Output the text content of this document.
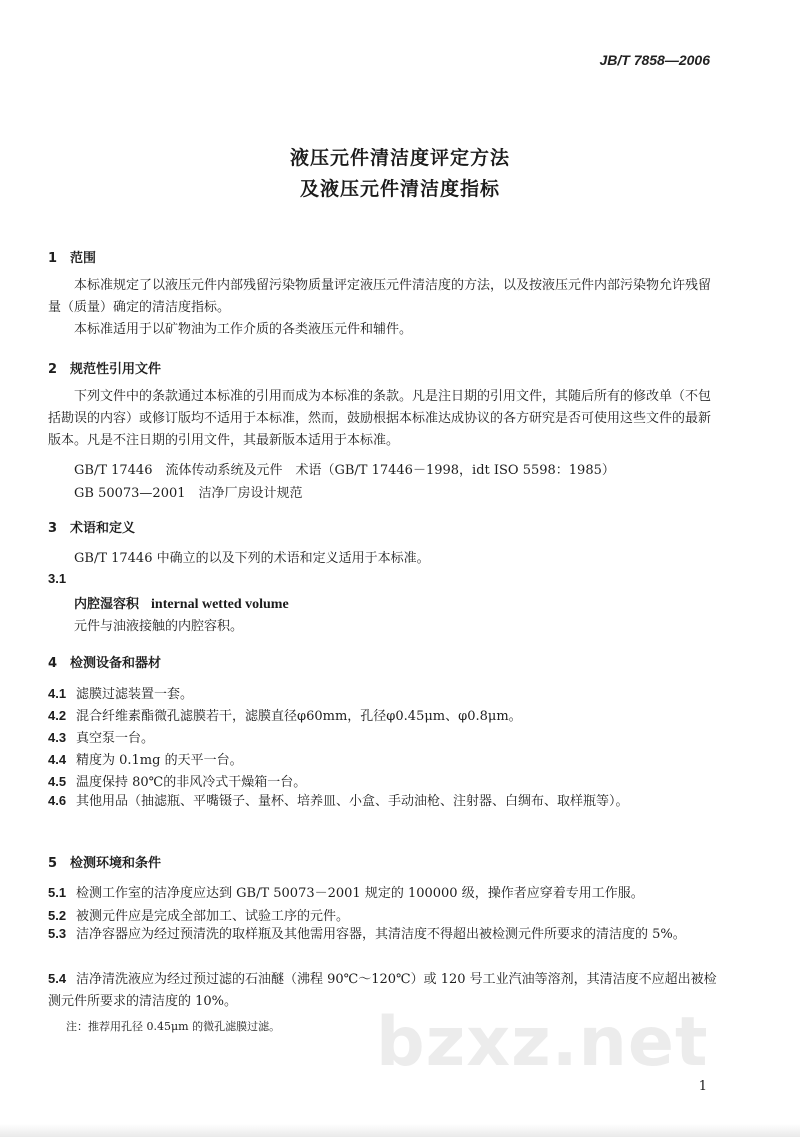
JB/T 7858—2006
液压元件清洁度评定方法
及液压元件清洁度指标
1 范围
本标准规定了以液压元件内部残留污染物质量评定液压元件清洁度的方法，以及按液压元件内部污染物允许残留量（质量）确定的清洁度指标。
本标准适用于以矿物油为工作介质的各类液压元件和辅件。
2 规范性引用文件
下列文件中的条款通过本标准的引用而成为本标准的条款。凡是注日期的引用文件，其随后所有的修改单（不包括勘误的内容）或修订版均不适用于本标准，然而，鼓励根据本标准达成协议的各方研究是否可使用这些文件的最新版本。凡是不注日期的引用文件，其最新版本适用于本标准。
GB/T 17446　流体传动系统及元件　术语（GB/T 17446－1998，idt ISO 5598：1985）
GB 50073—2001　洁净厂房设计规范
3 术语和定义
GB/T 17446 中确立的以及下列的术语和定义适用于本标准。
3.1
内腔湿容积 internal wetted volume
元件与油液接触的内腔容积。
4 检测设备和器材
4.1 滤膜过滤装置一套。
4.2 混合纤维素酯微孔滤膜若干，滤膜直径φ60mm，孔径φ0.45μm、φ0.8μm。
4.3 真空泵一台。
4.4 精度为 0.1mg 的天平一台。
4.5 温度保持 80℃的非风冷式干燥箱一台。
4.6 其他用品（抽滤瓶、平嘴镊子、量杯、培养皿、小盒、手动油枪、注射器、白绸布、取样瓶等）。
5 检测环境和条件
5.1 检测工作室的洁净度应达到 GB/T 50073－2001 规定的 100000 级，操作者应穿着专用工作服。
5.2 被测元件应是完成全部加工、试验工序的元件。
5.3 洁净容器应为经过预清洗的取样瓶及其他需用容器，其清洁度不得超出被检测元件所要求的清洁度的 5%。
5.4 洁净清洗液应为经过预过滤的石油醚（沸程 90℃～120℃）或 120 号工业汽油等溶剂，其清洁度不应超出被检测元件所要求的清洁度的 10%。
注：推荐用孔径 0.45μm 的微孔滤膜过滤。 bzxz.net
1
